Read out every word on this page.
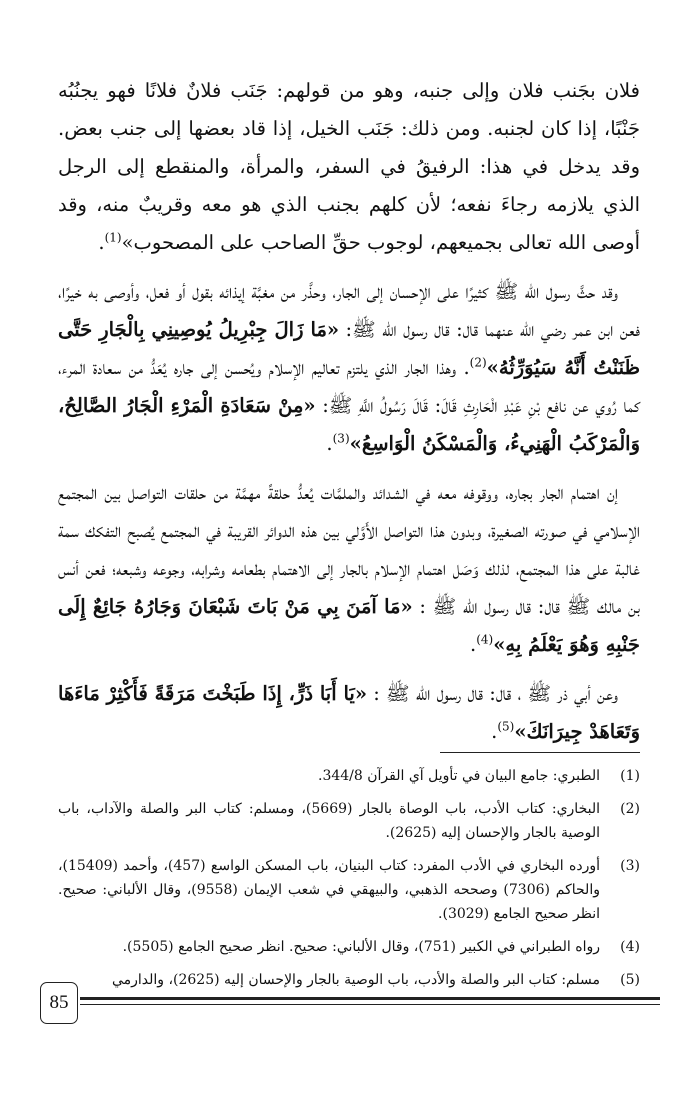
فلان بجَنب فلان وإلى جنبه، وهو من قولهم: جَنَب فلانٌ فلانًا فهو يجنُبُه جَنْبًا، إذا كان لجنبه. ومن ذلك: جَنَب الخيل، إذا قاد بعضها إلى جنب بعض. وقد يدخل في هذا: الرفيقُ في السفر، والمرأة، والمنقطع إلى الرجل الذي يلازمه رجاءَ نفعه؛ لأن كلهم بجنب الذي هو معه وقريبٌ منه، وقد أوصى الله تعالى بجميعهم، لوجوب حقِّ الصاحب على المصحوب»$^{(1)}$.

وقد حثَّ رسول الله ﷺ كثيرًا على الإحسان إلى الجار، وحذَّر من مغبَّة إيذائه بقول أو فعل، وأوصى به خيرًا، فعن ابن عمر رضي الله عنهما قال: قال رسول الله ﷺ: «مَا زَالَ جِبْرِيلُ يُوصِينِي بِالْجَارِ حَتَّى ظَنَنْتُ أَنَّهُ سَيُوَرِّثُهُ»$^{(2)}$. وهذا الجار الذي يلتزم تعاليم الإسلام ويُحسن إلى جاره يُعَدُّ من سعادة المرء، كما رُوي عن نافع بْنِ عَبْدِ الْحَارِثِ قَالَ: قَالَ رَسُولُ اللَّهِ ﷺ: «مِنْ سَعَادَةِ الْمَرْءِ الْجَارُ الصَّالِحُ، وَالْمَرْكَبُ الْهَنِيءُ، وَالْمَسْكَنُ الْوَاسِعُ»$^{(3)}$.

إن اهتمام الجار بجاره، ووقوفه معه في الشدائد والملمَّات يُعدُّ حلقةً مهمَّة من حلقات التواصل بين المجتمع الإسلامي في صورته الصغيرة، وبدون هذا التواصل الأَوَّلي بين هذه الدوائر القريبة في المجتمع يُصبح التفكك سمة غالبة على هذا المجتمع، لذلك وَصَل اهتمام الإسلام بالجار إلى الاهتمام بطعامه وشرابه، وجوعه وشبعه؛ فعن أنس بن مالك ﷺ قال: قال رسول الله ﷺ : «مَا آمَنَ بِي مَنْ بَاتَ شَبْعَانَ وَجَارُهُ جَائِعٌ إِلَى جَنْبِهِ وَهُوَ يَعْلَمُ بِهِ»$^{(4)}$.

وعن أبي ذر ﷺ ، قال: قال رسول الله ﷺ : «يَا أَبَا ذَرٍّ، إِذَا طَبَخْتَ مَرَقَةً فَأَكْثِرْ مَاءَهَا وَتَعَاهَدْ جِيرَانَكَ»$^{(5)}$.

(1)
الطبري: جامع البيان في تأويل آي القرآن 344/8.
(2)
البخاري: كتاب الأدب، باب الوصاة بالجار (5669)، ومسلم: كتاب البر والصلة والآداب، باب الوصية بالجار والإحسان إليه (2625).
(3)
أورده البخاري في الأدب المفرد: كتاب البنيان، باب المسكن الواسع (457)، وأحمد (15409)، والحاكم (7306) وصححه الذهبي، والبيهقي في شعب الإيمان (9558)، وقال الألباني: صحيح. انظر صحيح الجامع (3029).
(4)
رواه الطبراني في الكبير (751)، وقال الألباني: صحيح. انظر صحيح الجامع (5505).
(5)
مسلم: كتاب البر والصلة والأدب، باب الوصية بالجار والإحسان إليه (2625)، والدارمي
85
